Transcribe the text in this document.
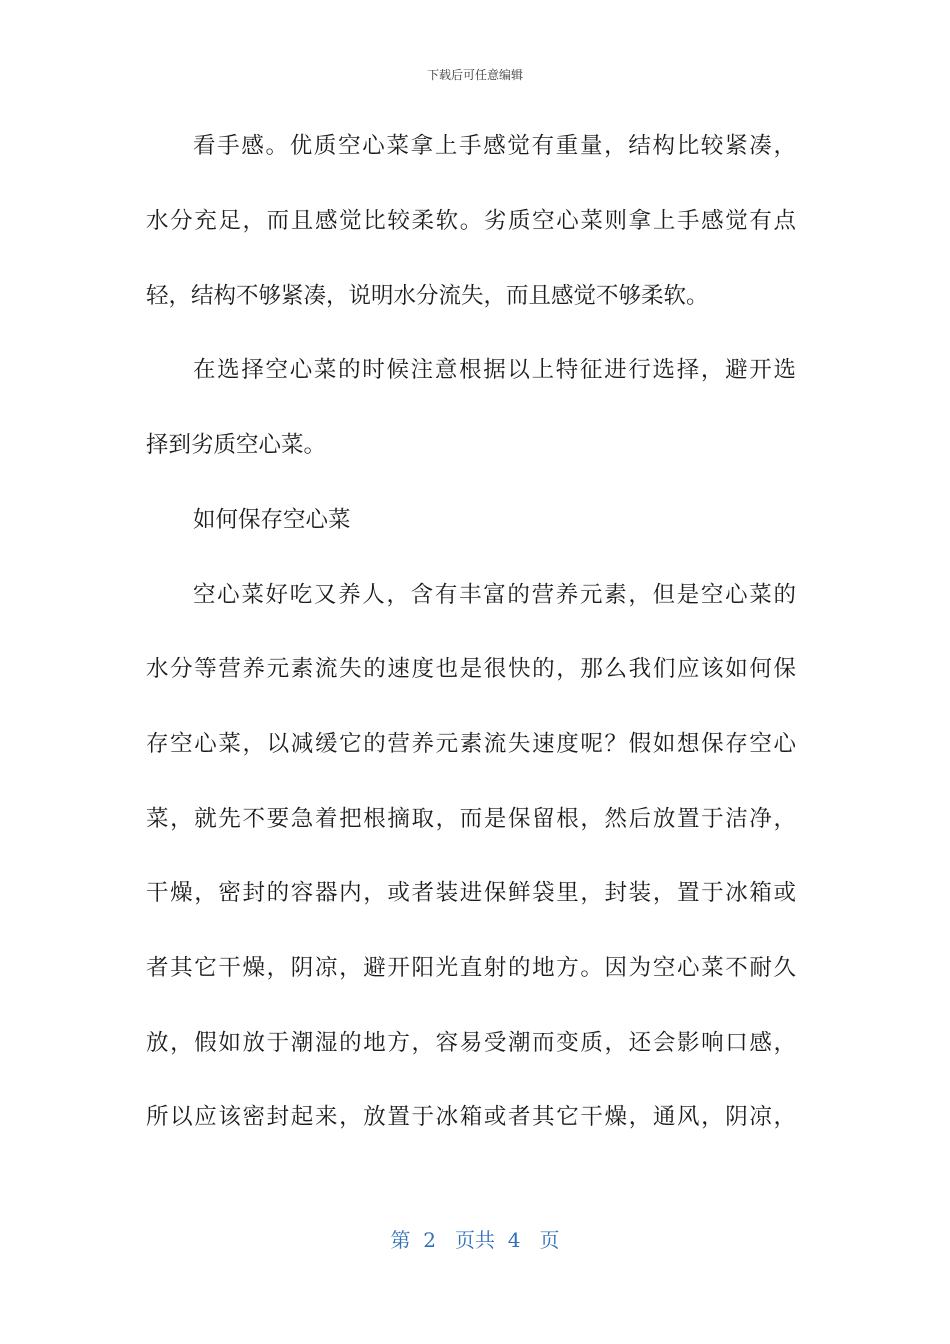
下载后可任意编辑
看手感。优质空心菜拿上手感觉有重量，结构比较紧凑，
水分充足，而且感觉比较柔软。劣质空心菜则拿上手感觉有点
轻，结构不够紧凑，说明水分流失，而且感觉不够柔软。
在选择空心菜的时候注意根据以上特征进行选择，避开选
择到劣质空心菜。
如何保存空心菜
空心菜好吃又养人，含有丰富的营养元素，但是空心菜的
水分等营养元素流失的速度也是很快的，那么我们应该如何保
存空心菜，以减缓它的营养元素流失速度呢？假如想保存空心
菜，就先不要急着把根摘取，而是保留根，然后放置于洁净，
干燥，密封的容器内，或者装进保鲜袋里，封装，置于冰箱或
者其它干燥，阴凉，避开阳光直射的地方。因为空心菜不耐久
放，假如放于潮湿的地方，容易受潮而变质，还会影响口感，
所以应该密封起来，放置于冰箱或者其它干燥，通风，阴凉，
第  2   页共  4   页
